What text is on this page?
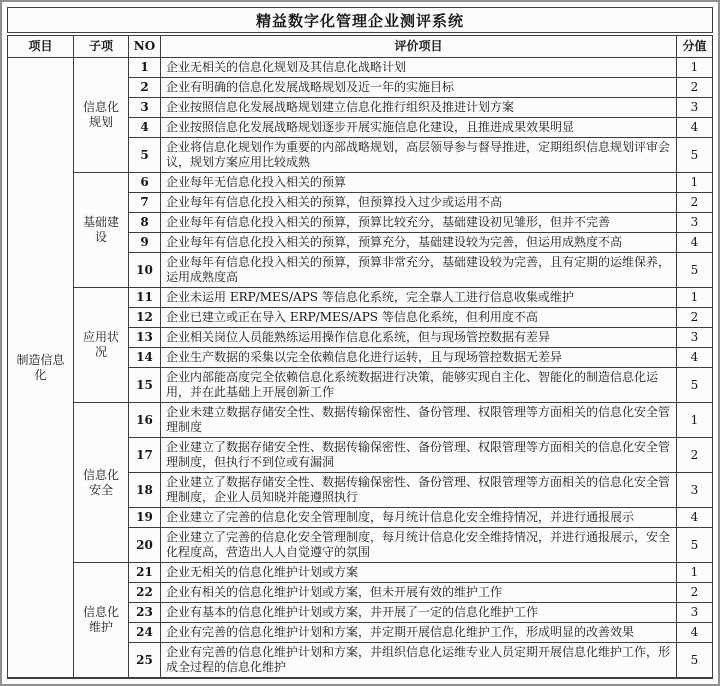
精益数字化管理企业测评系统
项目	子项	NO	评价项目	分值
制造信息化	信息化规划	1	企业无相关的信息化规划及其信息化战略计划	1
		2	企业有明确的信息化发展战略规划及近一年的实施目标	2
		3	企业按照信息化发展战略规划建立信息化推行组织及推进计划方案	3
		4	企业按照信息化发展战略规划逐步开展实施信息化建设，且推进成果效果明显	4
		5	企业将信息化规划作为重要的内部战略规划，高层领导参与督导推进，定期组织信息规划评审会议，规划方案应用比较成熟	5
	基础建设	6	企业每年无信息化投入相关的预算	1
		7	企业每年有信息化投入相关的预算，但预算投入过少或运用不高	2
		8	企业每年有信息化投入相关的预算，预算比较充分，基础建设初见雏形，但并不完善	3
		9	企业每年有信息化投入相关的预算，预算充分，基础建设较为完善，但运用成熟度不高	4
		10	企业每年有信息化投入相关的预算，预算非常充分，基础建设较为完善，且有定期的运维保养，运用成熟度高	5
	应用状况	11	企业未运用 ERP/MES/APS 等信息化系统，完全靠人工进行信息收集或维护	1
		12	企业已建立或正在导入 ERP/MES/APS 等信息化系统，但利用度不高	2
		13	企业相关岗位人员能熟练运用操作信息化系统，但与现场管控数据有差异	3
		14	企业生产数据的采集以完全依赖信息化进行运转，且与现场管控数据无差异	4
		15	企业内部能高度完全依赖信息化系统数据进行决策，能够实现自主化、智能化的制造信息化运用，并在此基础上开展创新工作	5
	信息化安全	16	企业未建立数据存储安全性、数据传输保密性、备份管理、权限管理等方面相关的信息化安全管理制度	1
		17	企业建立了数据存储安全性、数据传输保密性、备份管理、权限管理等方面相关的信息化安全管理制度，但执行不到位或有漏洞	2
		18	企业建立了数据存储安全性、数据传输保密性、备份管理、权限管理等方面相关的信息化安全管理制度，企业人员知晓并能遵照执行	3
		19	企业建立了完善的信息化安全管理制度，每月统计信息化安全维持情况，并进行通报展示	4
		20	企业建立了完善的信息化安全管理制度，每月统计信息化安全维持情况，并进行通报展示，安全化程度高，营造出人人自觉遵守的氛围	5
	信息化维护	21	企业无相关的信息化维护计划或方案	1
		22	企业有相关的信息化维护计划或方案，但未开展有效的维护工作	2
		23	企业有基本的信息化维护计划或方案，并开展了一定的信息化维护工作	3
		24	企业有完善的信息化维护计划和方案，并定期开展信息化维护工作，形成明显的改善效果	4
		25	企业有完善的信息化维护计划和方案，并组织信息化运维专业人员定期开展信息化维护工作，形成全过程的信息化维护	5
